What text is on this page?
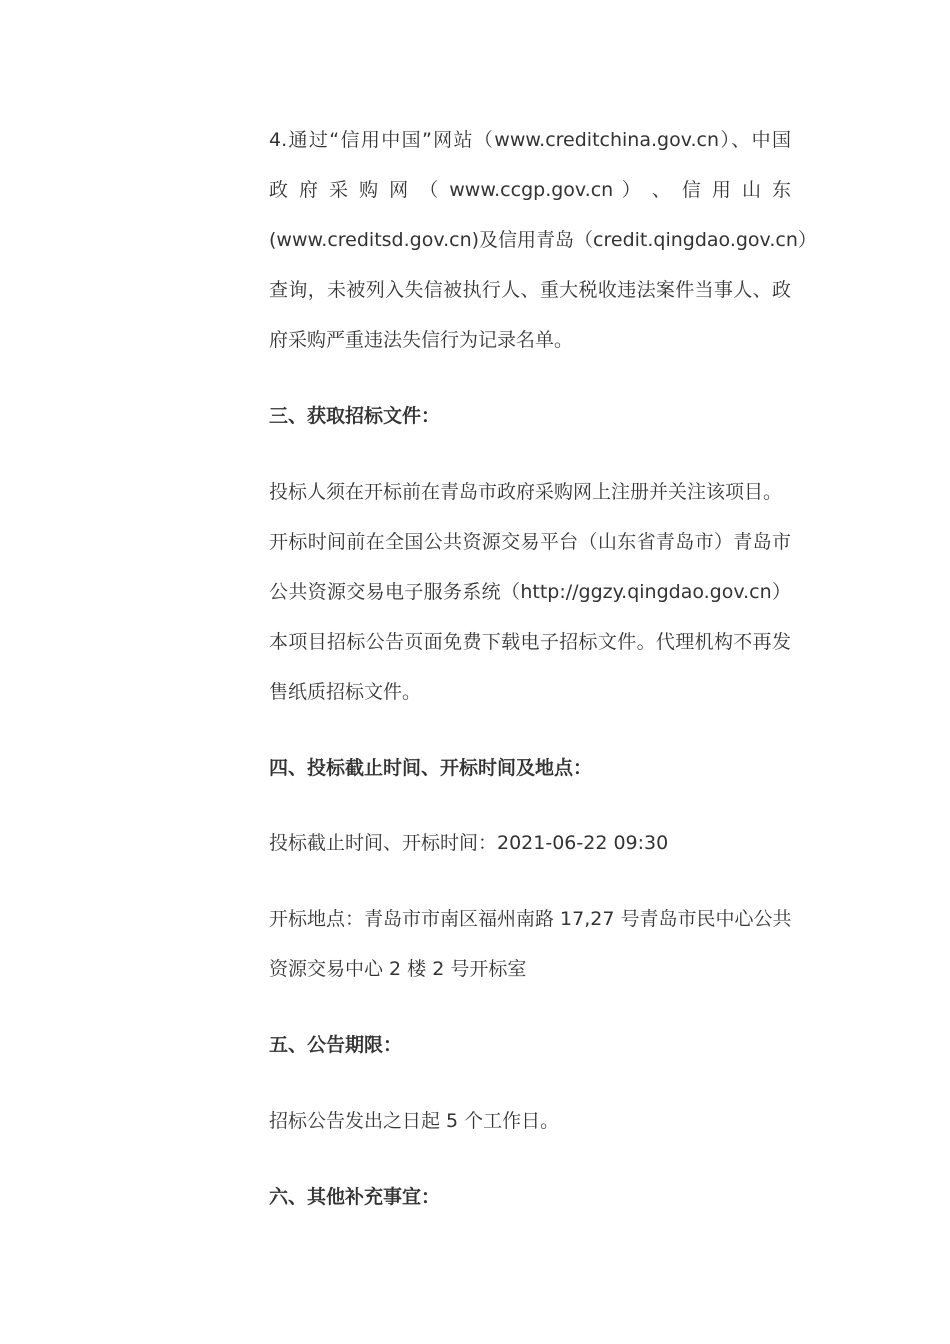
4.通过“信用中国”网站（www.creditchina.gov.cn）、中国
政 府 采 购 网 （ www.ccgp.gov.cn ） 、 信 用 山 东
(www.creditsd.gov.cn)及信用青岛（credit.qingdao.gov.cn）
查询，未被列入失信被执行人、重大税收违法案件当事人、政
府采购严重违法失信行为记录名单。
三、获取招标文件：
投标人须在开标前在青岛市政府采购网上注册并关注该项目。
开标时间前在全国公共资源交易平台（山东省青岛市）青岛市
公共资源交易电子服务系统（http://ggzy.qingdao.gov.cn）
本项目招标公告页面免费下载电子招标文件。代理机构不再发
售纸质招标文件。
四、投标截止时间、开标时间及地点：
投标截止时间、开标时间：2021-06-22 09:30
开标地点：青岛市市南区福州南路 17,27 号青岛市民中心公共
资源交易中心 2 楼 2 号开标室
五、公告期限：
招标公告发出之日起 5 个工作日。
六、其他补充事宜：
